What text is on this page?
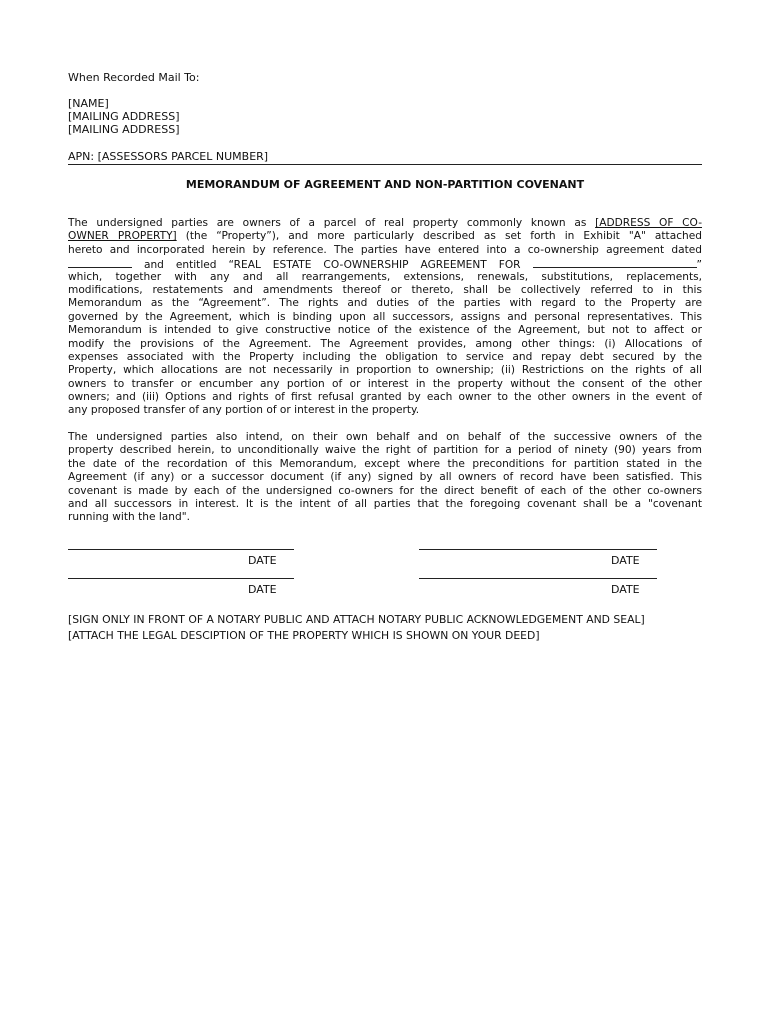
When Recorded Mail To:
[NAME]
[MAILING ADDRESS]
[MAILING ADDRESS]
APN: [ASSESSORS PARCEL NUMBER]
MEMORANDUM OF AGREEMENT AND NON-PARTITION COVENANT
The undersigned parties are owners of a parcel of real property commonly known as [ADDRESS OF CO-
OWNER PROPERTY] (the “Property”), and more particularly described as set forth in Exhibit "A" attached
hereto and incorporated herein by reference. The parties have entered into a co-ownership agreement dated
and entitled “REAL ESTATE CO-OWNERSHIP AGREEMENT FOR	”
which, together with any and all rearrangements, extensions, renewals, substitutions, replacements,
modifications, restatements and amendments thereof or thereto, shall be collectively referred to in this
Memorandum as the “Agreement”. The rights and duties of the parties with regard to the Property are
governed by the Agreement, which is binding upon all successors, assigns and personal representatives. This
Memorandum is intended to give constructive notice of the existence of the Agreement, but not to affect or
modify the provisions of the Agreement. The Agreement provides, among other things: (i) Allocations of
expenses associated with the Property including the obligation to service and repay debt secured by the
Property, which allocations are not necessarily in proportion to ownership; (ii) Restrictions on the rights of all
owners to transfer or encumber any portion of or interest in the property without the consent of the other
owners; and (iii) Options and rights of first refusal granted by each owner to the other owners in the event of
any proposed transfer of any portion of or interest in the property.
The undersigned parties also intend, on their own behalf and on behalf of the successive owners of the
property described herein, to unconditionally waive the right of partition for a period of ninety (90) years from
the date of the recordation of this Memorandum, except where the preconditions for partition stated in the
Agreement (if any) or a successor document (if any) signed by all owners of record have been satisfied. This
covenant is made by each of the undersigned co-owners for the direct benefit of each of the other co-owners
and all successors in interest. It is the intent of all parties that the foregoing covenant shall be a "covenant
running with the land".
DATE	DATE
DATE	DATE
[SIGN ONLY IN FRONT OF A NOTARY PUBLIC AND ATTACH NOTARY PUBLIC ACKNOWLEDGEMENT AND SEAL]
[ATTACH THE LEGAL DESCIPTION OF THE PROPERTY WHICH IS SHOWN ON YOUR DEED]
